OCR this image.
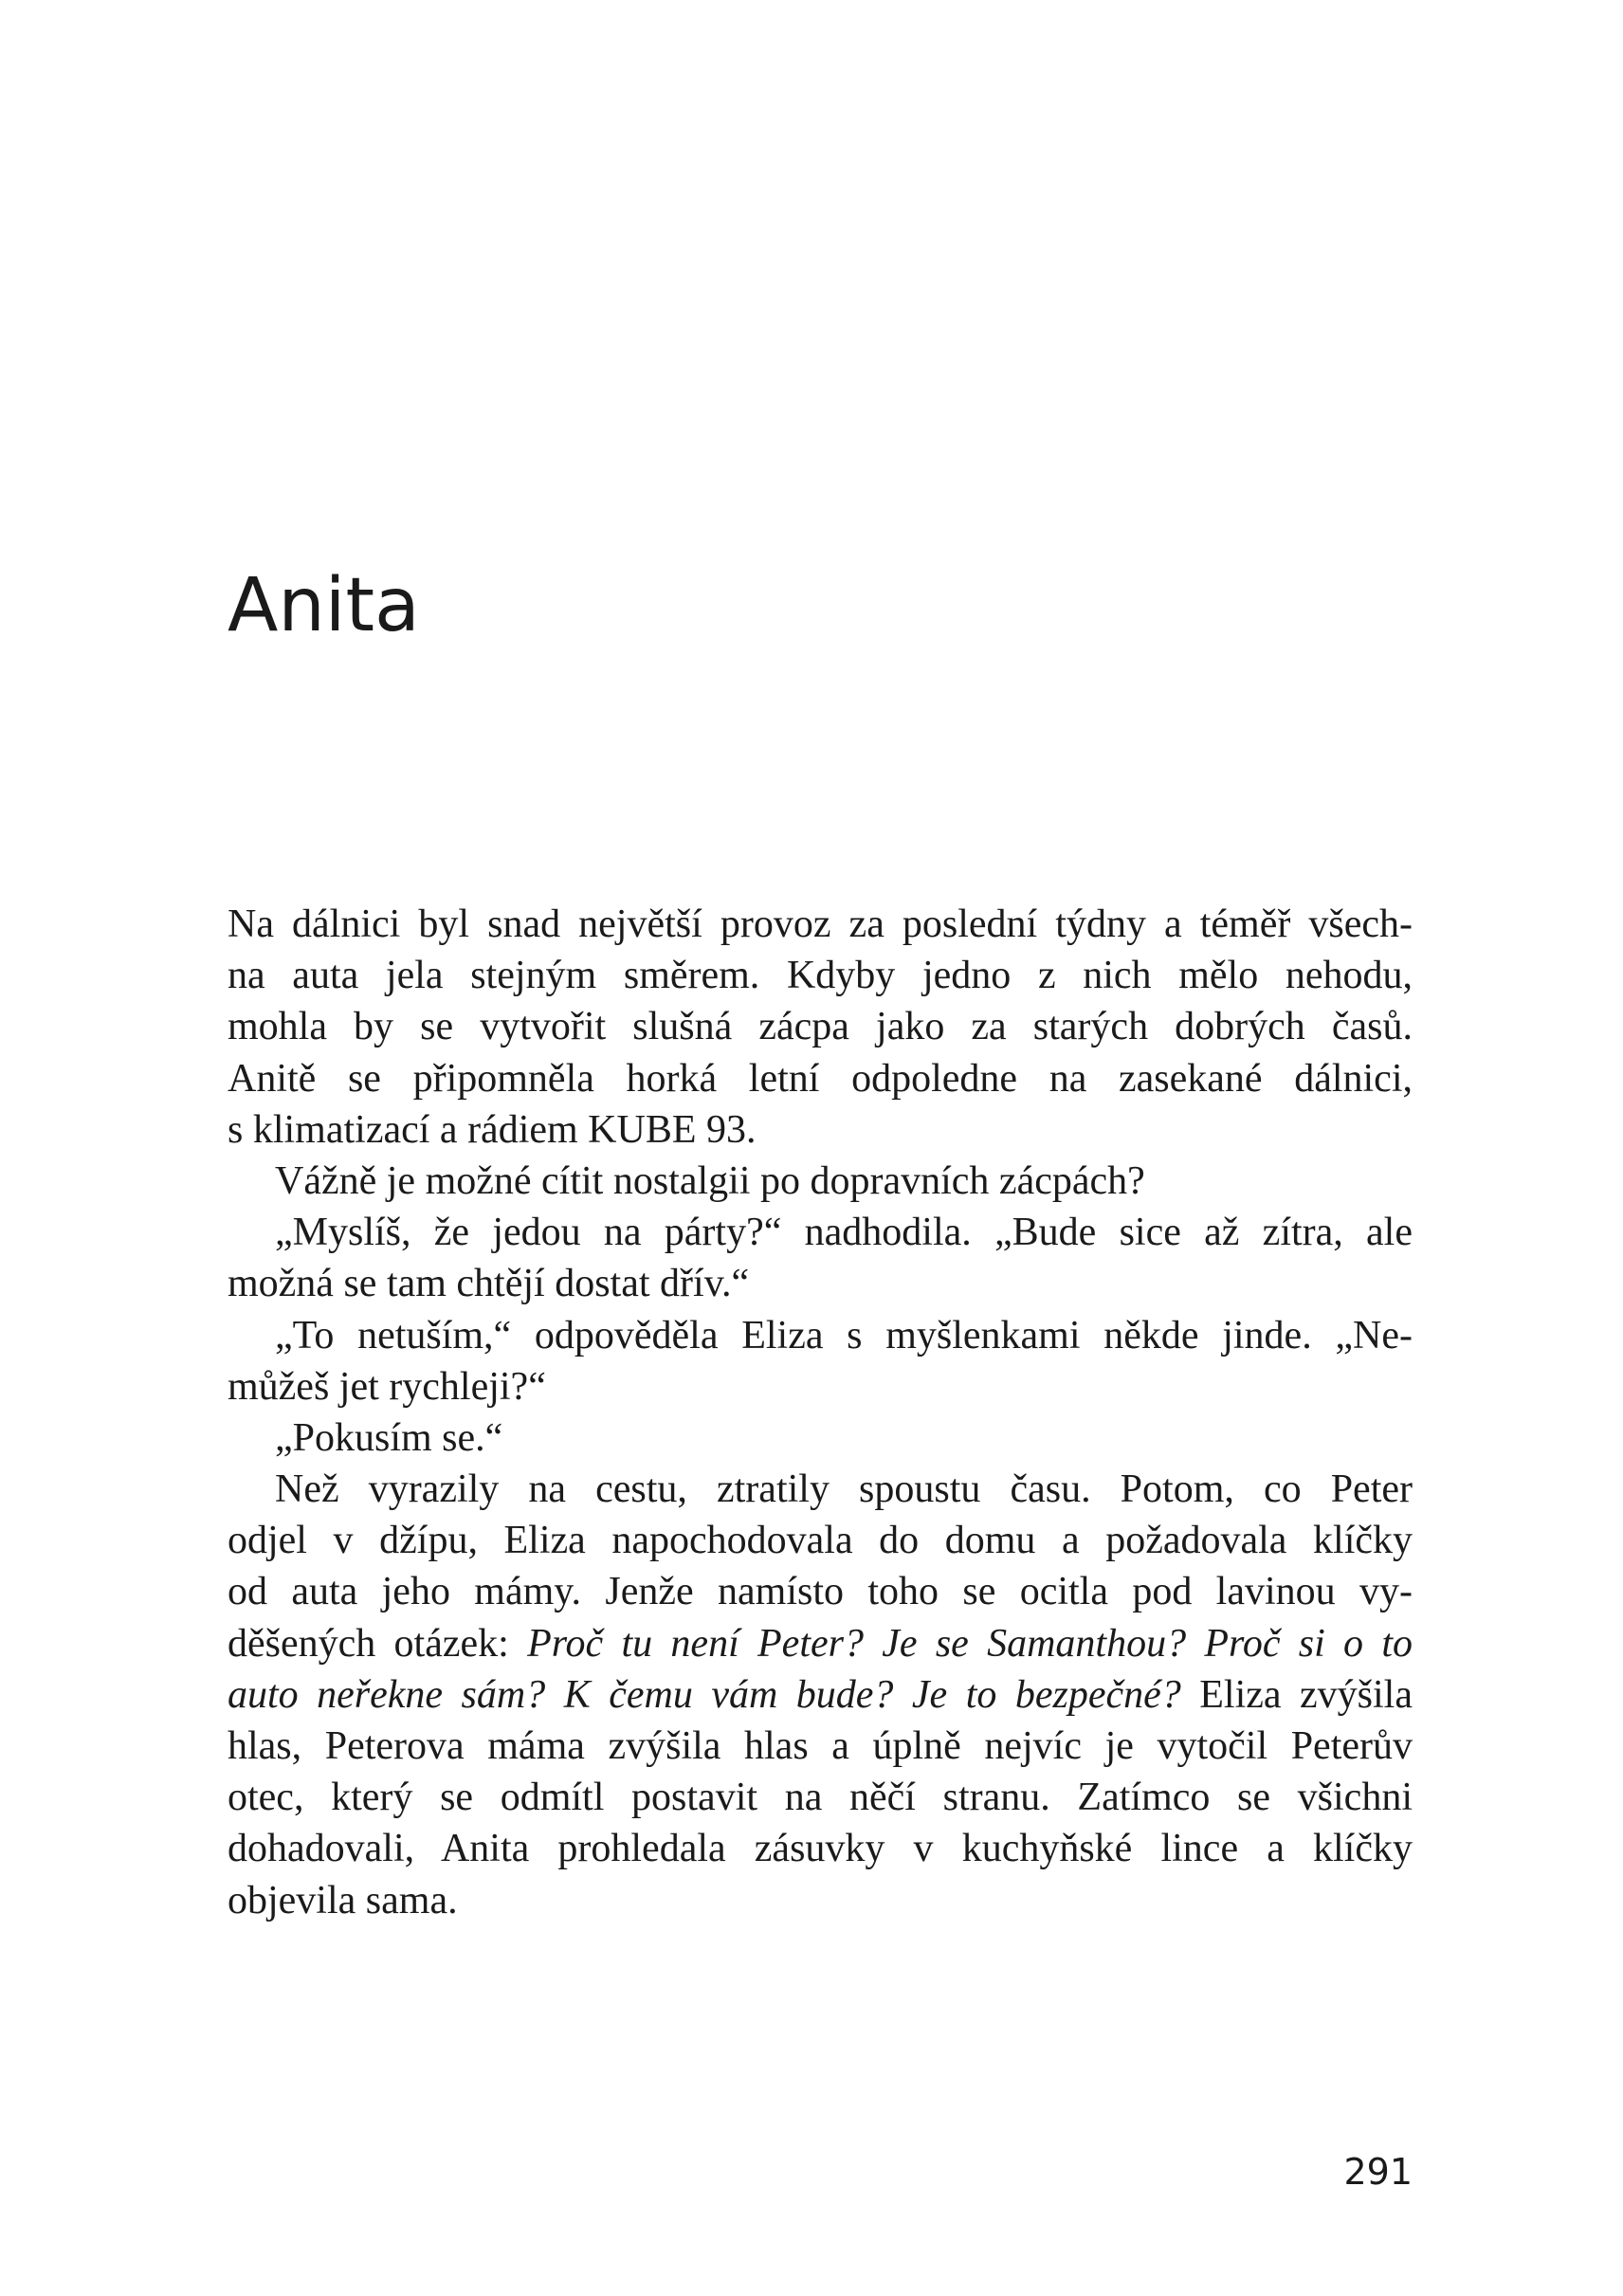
Anita
Na dálnici byl snad největší provoz za poslední týdny a téměř všech-
na auta jela stejným směrem. Kdyby jedno z nich mělo nehodu,
mohla by se vytvořit slušná zácpa jako za starých dobrých časů.
Anitě se připomněla horká letní odpoledne na zasekané dálnici,
s klimatizací a rádiem KUBE 93.
Vážně je možné cítit nostalgii po dopravních zácpách?
„Myslíš, že jedou na párty?“ nadhodila. „Bude sice až zítra, ale
možná se tam chtějí dostat dřív.“
„To netuším,“ odpověděla Eliza s myšlenkami někde jinde. „Ne-
můžeš jet rychleji?“
„Pokusím se.“
Než vyrazily na cestu, ztratily spoustu času. Potom, co Peter
odjel v džípu, Eliza napochodovala do domu a požadovala klíčky
od auta jeho mámy. Jenže namísto toho se ocitla pod lavinou vy-
děšených otázek: Proč tu není Peter? Je se Samanthou? Proč si o to
auto neřekne sám? K čemu vám bude? Je to bezpečné? Eliza zvýšila
hlas, Peterova máma zvýšila hlas a úplně nejvíc je vytočil Peterův
otec, který se odmítl postavit na něčí stranu. Zatímco se všichni
dohadovali, Anita prohledala zásuvky v kuchyňské lince a klíčky
objevila sama.
291
